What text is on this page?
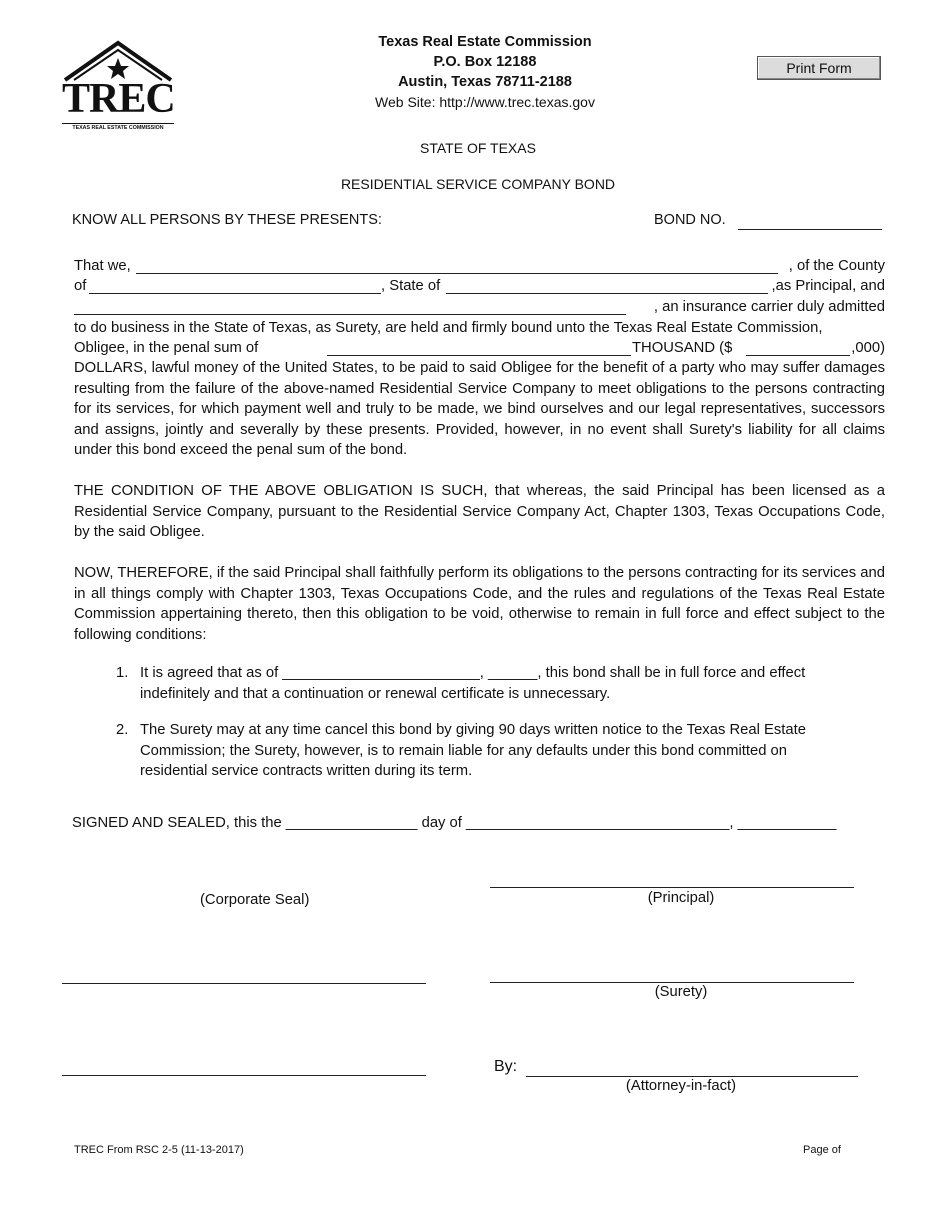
TREC
TEXAS REAL ESTATE COMMISSION
Texas Real Estate Commission
P.O. Box 12188
Austin, Texas 78711-2188
Web Site: http://www.trec.texas.gov
Print Form
STATE OF TEXAS
RESIDENTIAL SERVICE COMPANY BOND
KNOW ALL PERSONS BY THESE PRESENTS:	BOND NO.
That we,	, of the County
of	, State of	,as Principal, and
, an insurance carrier duly admitted
to do business in the State of Texas, as Surety, are held and firmly bound unto the Texas Real Estate Commission,
Obligee, in the penal sum of	THOUSAND ($	,000)
DOLLARS, lawful money of the United States, to be paid to said Obligee for the benefit of a party who may suffer damages resulting from the failure of the above-named Residential Service Company to meet obligations to the persons contracting for its services, for which payment well and truly to be made, we bind ourselves and our legal representatives, successors and assigns, jointly and severally by these presents. Provided, however, in no event shall Surety's liability for all claims under this bond exceed the penal sum of the bond.
THE CONDITION OF THE ABOVE OBLIGATION IS SUCH, that whereas, the said Principal has been licensed as a Residential Service Company, pursuant to the Residential Service Company Act, Chapter 1303, Texas Occupations Code, by the said Obligee.
NOW, THEREFORE, if the said Principal shall faithfully perform its obligations to the persons contracting for its services and in all things comply with Chapter 1303, Texas Occupations Code, and the rules and regulations of the Texas Real Estate Commission appertaining thereto, then this obligation to be void, otherwise to remain in full force and effect subject to the following conditions:
1. It is agreed that as of ________________________, ______, this bond shall be in full force and effect indefinitely and that a continuation or renewal certificate is unnecessary.
2. The Surety may at any time cancel this bond by giving 90 days written notice to the Texas Real Estate Commission; the Surety, however, is to remain liable for any defaults under this bond committed on residential service contracts written during its term.
SIGNED AND SEALED, this the ________________ day of ________________________________, ____________
(Corporate Seal)	(Principal)
(Surety)
By:
(Attorney-in-fact)
TREC From RSC 2-5 (11-13-2017)	Page of
